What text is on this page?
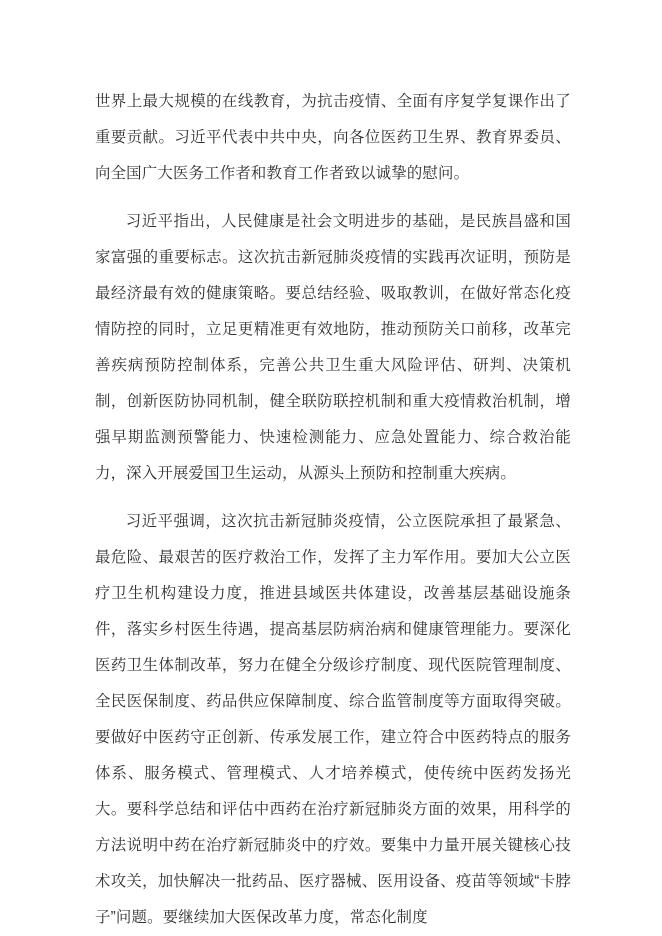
世界上最大规模的在线教育，为抗击疫情、全面有序复学复课作出了重要贡献。习近平代表中共中央，向各位医药卫生界、教育界委员、向全国广大医务工作者和教育工作者致以诚挚的慰问。

习近平指出，人民健康是社会文明进步的基础，是民族昌盛和国家富强的重要标志。这次抗击新冠肺炎疫情的实践再次证明，预防是最经济最有效的健康策略。要总结经验、吸取教训，在做好常态化疫情防控的同时，立足更精准更有效地防，推动预防关口前移，改革完善疾病预防控制体系，完善公共卫生重大风险评估、研判、决策机制，创新医防协同机制，健全联防联控机制和重大疫情救治机制，增强早期监测预警能力、快速检测能力、应急处置能力、综合救治能力，深入开展爱国卫生运动，从源头上预防和控制重大疾病。

习近平强调，这次抗击新冠肺炎疫情，公立医院承担了最紧急、最危险、最艰苦的医疗救治工作，发挥了主力军作用。要加大公立医疗卫生机构建设力度，推进县域医共体建设，改善基层基础设施条件，落实乡村医生待遇，提高基层防病治病和健康管理能力。要深化医药卫生体制改革，努力在健全分级诊疗制度、现代医院管理制度、全民医保制度、药品供应保障制度、综合监管制度等方面取得突破。要做好中医药守正创新、传承发展工作，建立符合中医药特点的服务体系、服务模式、管理模式、人才培养模式，使传统中医药发扬光大。要科学总结和评估中西药在治疗新冠肺炎方面的效果，用科学的方法说明中药在治疗新冠肺炎中的疗效。要集中力量开展关键核心技术攻关，加快解决一批药品、医疗器械、医用设备、疫苗等领域“卡脖子”问题。要继续加大医保改革力度，常态化制度
